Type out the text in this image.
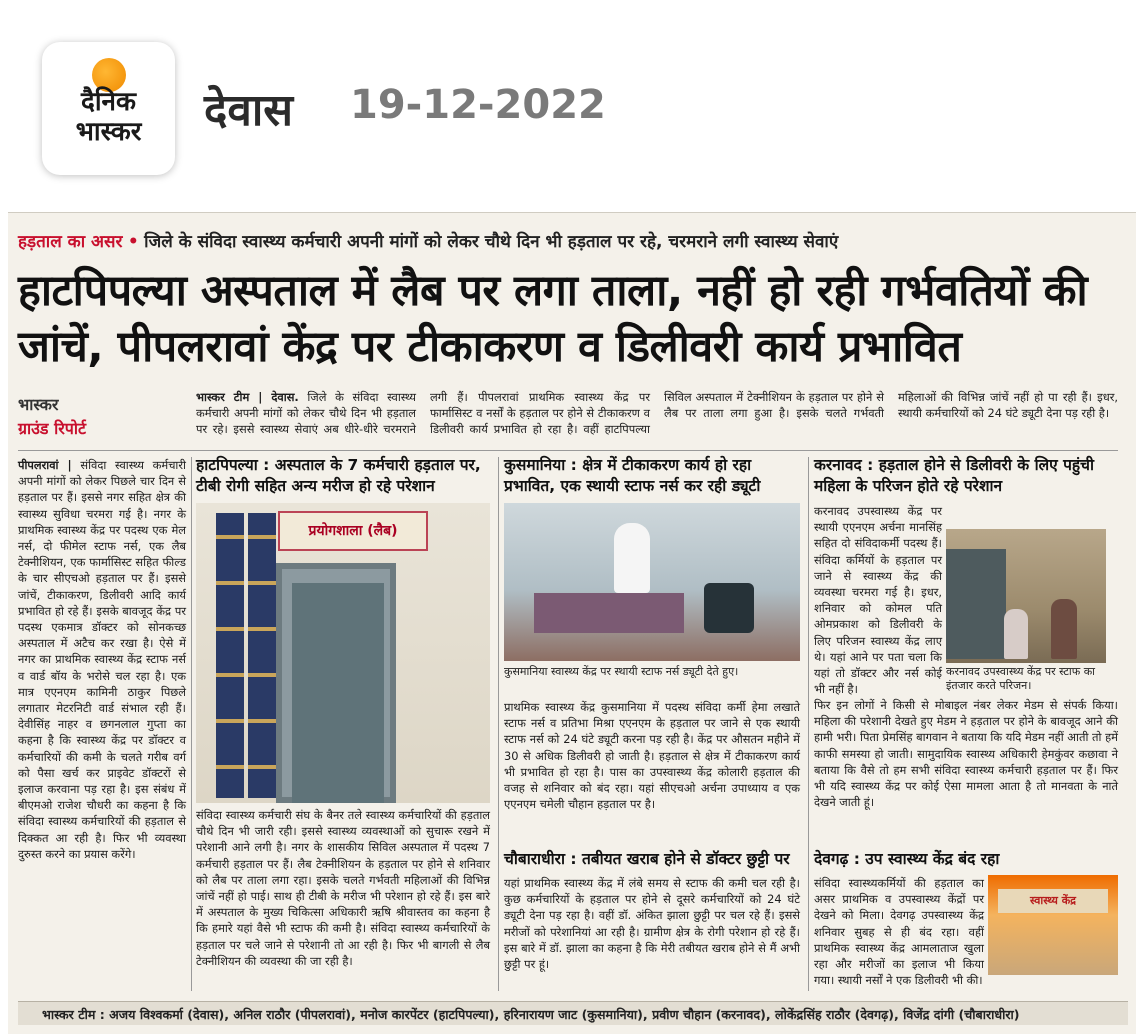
दैनिक
भास्कर	देवास 19-12-2022
हड़ताल का असर • जिले के संविदा स्वास्थ्य कर्मचारी अपनी मांगों को लेकर चौथे दिन भी हड़ताल पर रहे, चरमराने लगी स्वास्थ्य सेवाएं
हाटपिपल्या अस्पताल में लैब पर लगा ताला, नहीं हो रही गर्भवतियों की जांचें, पीपलरावां केंद्र पर टीकाकरण व डिलीवरी कार्य प्रभावित
भास्कर
ग्राउंड रिपोर्ट
भास्कर टीम | देवास. जिले के संविदा स्वास्थ्य कर्मचारी अपनी मांगों को लेकर चौथे दिन भी हड़ताल पर रहे। इससे स्वास्थ्य सेवाएं अब धीरे-धीरे चरमराने लगी हैं। पीपलरावां प्राथमिक स्वास्थ्य केंद्र पर फार्मासिस्ट व नर्सों के हड़ताल पर होने से टीकाकरण व डिलीवरी कार्य प्रभावित हो रहा है। वहीं हाटपिपल्या सिविल अस्पताल में टेक्नीशियन के हड़ताल पर होने से लैब पर ताला लगा हुआ है। इसके चलते गर्भवती महिलाओं की विभिन्न जांचें नहीं हो पा रही हैं। इधर, स्थायी कर्मचारियों को 24 घंटे ड्यूटी देना पड़ रही है।
पीपलरावां | संविदा स्वास्थ्य कर्मचारी अपनी मांगों को लेकर पिछले चार दिन से हड़ताल पर हैं। इससे नगर सहित क्षेत्र की स्वास्थ्य सुविधा चरमरा गई है। नगर के प्राथमिक स्वास्थ्य केंद्र पर पदस्थ एक मेल नर्स, दो फीमेल स्टाफ नर्स, एक लैब टेक्नीशियन, एक फार्मासिस्ट सहित फील्ड के चार सीएचओ हड़ताल पर हैं। इससे जांचें, टीकाकरण, डिलीवरी आदि कार्य प्रभावित हो रहे हैं। इसके बावजूद केंद्र पर पदस्थ एकमात्र डॉक्टर को सोनकच्छ अस्पताल में अटैच कर रखा है। ऐसे में नगर का प्राथमिक स्वास्थ्य केंद्र स्टाफ नर्स व वार्ड बॉय के भरोसे चल रहा है। एक मात्र एएनएम कामिनी ठाकुर पिछले लगातार मेटरनिटी वार्ड संभाल रही हैं। देवीसिंह नाहर व छगनलाल गुप्ता का कहना है कि स्वास्थ्य केंद्र पर डॉक्टर व कर्मचारियों की कमी के चलते गरीब वर्ग को पैसा खर्च कर प्राइवेट डॉक्टरों से इलाज करवाना पड़ रहा है। इस संबंध में बीएमओ राजेश चौधरी का कहना है कि संविदा स्वास्थ्य कर्मचारियों की हड़ताल से दिक्कत आ रही है। फिर भी व्यवस्था दुरुस्त करने का प्रयास करेंगे।
हाटपिपल्या : अस्पताल के 7 कर्मचारी हड़ताल पर, टीबी रोगी सहित अन्य मरीज हो रहे परेशान
प्रयोगशाला (लैब)
संविदा स्वास्थ्य कर्मचारी संघ के बैनर तले स्वास्थ्य कर्मचारियों की हड़ताल चौथे दिन भी जारी रही। इससे स्वास्थ्य व्यवस्थाओं को सुचारू रखने में परेशानी आने लगी है। नगर के शासकीय सिविल अस्पताल में पदस्थ 7 कर्मचारी हड़ताल पर हैं। लैब टेक्नीशियन के हड़ताल पर होने से शनिवार को लैब पर ताला लगा रहा। इसके चलते गर्भवती महिलाओं की विभिन्न जांचें नहीं हो पाई। साथ ही टीबी के मरीज भी परेशान हो रहे हैं। इस बारे में अस्पताल के मुख्य चिकित्सा अधिकारी ऋषि श्रीवास्तव का कहना है कि हमारे यहां वैसे भी स्टाफ की कमी है। संविदा स्वास्थ्य कर्मचारियों के हड़ताल पर चले जाने से परेशानी तो आ रही है। फिर भी बागली से लैब टेक्नीशियन की व्यवस्था की जा रही है।
कुसमानिया : क्षेत्र में टीकाकरण कार्य हो रहा प्रभावित, एक स्थायी स्टाफ नर्स कर रही ड्यूटी
कुसमानिया स्वास्थ्य केंद्र पर स्थायी स्टाफ नर्स ड्यूटी देते हुए।
प्राथमिक स्वास्थ्य केंद्र कुसमानिया में पदस्थ संविदा कर्मी हेमा लखाते स्टाफ नर्स व प्रतिभा मिश्रा एएनएम के हड़ताल पर जाने से एक स्थायी स्टाफ नर्स को 24 घंटे ड्यूटी करना पड़ रही है। केंद्र पर औसतन महीने में 30 से अधिक डिलीवरी हो जाती है। हड़ताल से क्षेत्र में टीकाकरण कार्य भी प्रभावित हो रहा है। पास का उपस्वास्थ्य केंद्र कोलारी हड़ताल की वजह से शनिवार को बंद रहा। यहां सीएचओ अर्चना उपाध्याय व एक एएनएम चमेली चौहान हड़ताल पर है।
चौबाराधीरा : तबीयत खराब होने से डॉक्टर छुट्टी पर
यहां प्राथमिक स्वास्थ्य केंद्र में लंबे समय से स्टाफ की कमी चल रही है। कुछ कर्मचारियों के हड़ताल पर होने से दूसरे कर्मचारियों को 24 घंटे ड्यूटी देना पड़ रहा है। वहीं डॉ. अंकित झाला छुट्टी पर चल रहे हैं। इससे मरीजों को परेशानियां आ रही है। ग्रामीण क्षेत्र के रोगी परेशान हो रहे हैं। इस बारे में डॉ. झाला का कहना है कि मेरी तबीयत खराब होने से मैं अभी छुट्टी पर हूं।
करनावद : हड़ताल होने से डिलीवरी के लिए पहुंची महिला के परिजन होते रहे परेशान
करनावद उपस्वास्थ्य केंद्र पर स्थायी एएनएम अर्चना मानसिंह सहित दो संविदाकर्मी पदस्थ हैं। संविदा कर्मियों के हड़ताल पर जाने से स्वास्थ्य केंद्र की व्यवस्था चरमरा गई है। इधर, शनिवार को कोमल पति ओमप्रकाश को डिलीवरी के लिए परिजन स्वास्थ्य केंद्र लाए थे। यहां आने पर पता चला कि यहां तो डॉक्टर और नर्स कोई भी नहीं है।
करनावद उपस्वास्थ्य केंद्र पर स्टाफ का इंतजार करते परिजन।
फिर इन लोगों ने किसी से मोबाइल नंबर लेकर मेडम से संपर्क किया। महिला की परेशानी देखते हुए मेडम ने हड़ताल पर होने के बावजूद आने की हामी भरी। पिता प्रेमसिंह बागवान ने बताया कि यदि मेडम नहीं आती तो हमें काफी समस्या हो जाती। सामुदायिक स्वास्थ्य अधिकारी हेमकुंवर कछावा ने बताया कि वैसे तो हम सभी संविदा स्वास्थ्य कर्मचारी हड़ताल पर हैं। फिर भी यदि स्वास्थ्य केंद्र पर कोई ऐसा मामला आता है तो मानवता के नाते देखने जाती हूं।
देवगढ़ : उप स्वास्थ्य केंद्र बंद रहा
संविदा स्वास्थ्यकर्मियों की हड़ताल का असर प्राथमिक व उपस्वास्थ्य केंद्रों पर देखने को मिला। देवगढ़ उपस्वास्थ्य केंद्र शनिवार सुबह से ही बंद रहा। वहीं प्राथमिक स्वास्थ्य केंद्र आमलाताज खुला रहा और मरीजों का इलाज भी किया गया। स्थायी नर्सों ने एक डिलीवरी भी की।
स्वास्थ्य केंद्र
भास्कर टीम : अजय विश्वकर्मा (देवास), अनिल राठौर (पीपलरावां), मनोज कारपेंटर (हाटपिपल्या), हरिनारायण जाट (कुसमानिया), प्रवीण चौहान (करनावद), लोकेंद्रसिंह राठौर (देवगढ़), विजेंद्र दांगी (चौबाराधीरा)
